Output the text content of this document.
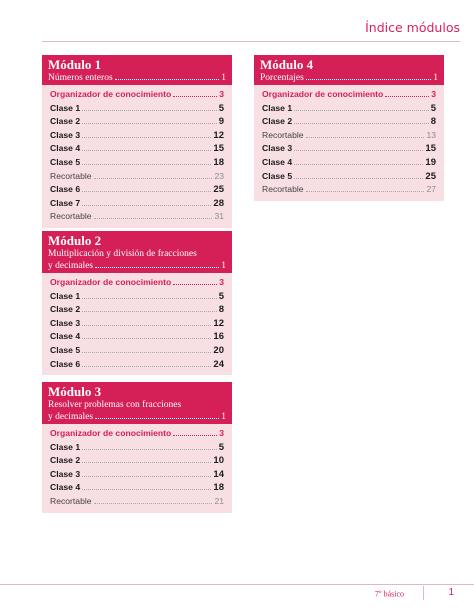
Índice módulos
Módulo 1
Números enteros	1
Organizador de conocimiento	3
Clase 1	5
Clase 2	9
Clase 3	12
Clase 4	15
Clase 5	18
Recortable	23
Clase 6	25
Clase 7	28
Recortable	31
Módulo 2
Multiplicación y división de fracciones
y decimales	1
Organizador de conocimiento	3
Clase 1	5
Clase 2	8
Clase 3	12
Clase 4	16
Clase 5	20
Clase 6	24
Módulo 3
Resolver problemas con fracciones
y decimales	1
Organizador de conocimiento	3
Clase 1	5
Clase 2	10
Clase 3	14
Clase 4	18
Recortable	21
Módulo 4
Porcentajes	1
Organizador de conocimiento	3
Clase 1	5
Clase 2	8
Recortable	13
Clase 3	15
Clase 4	19
Clase 5	25
Recortable	27
7$^o$ básico	1
